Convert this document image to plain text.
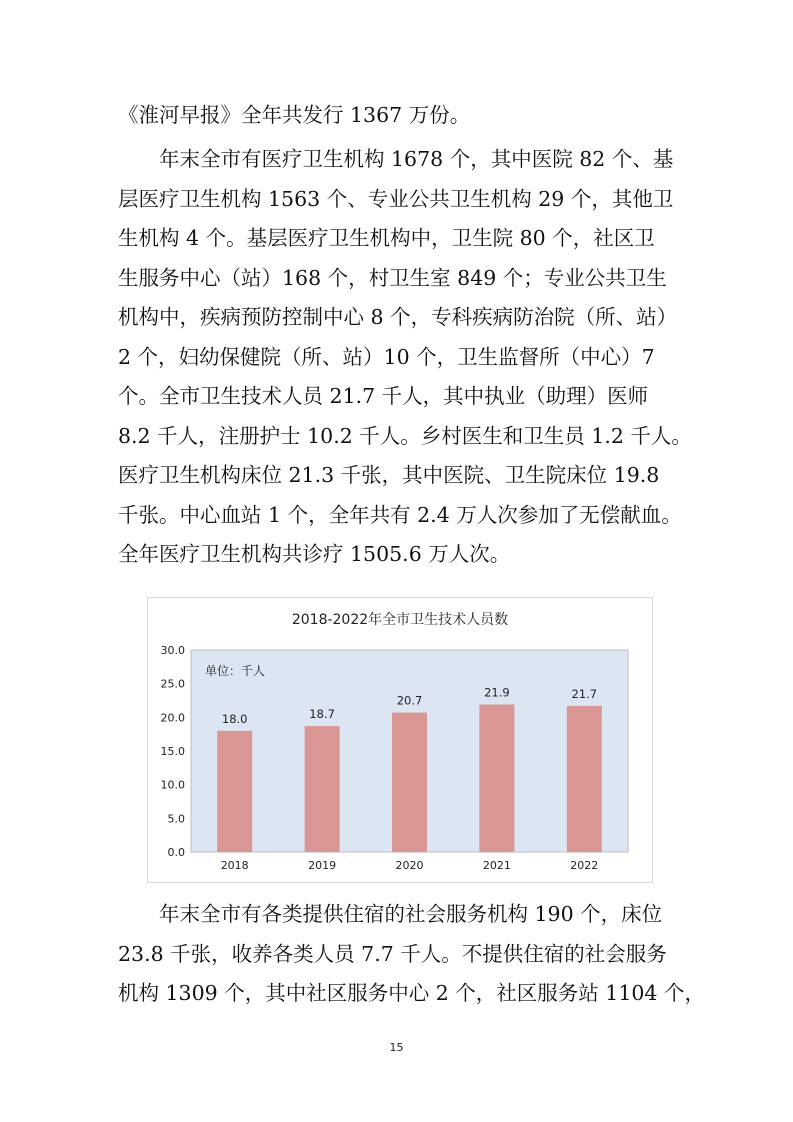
《淮河早报》全年共发行 1367 万份。
年末全市有医疗卫生机构 1678 个，其中医院 82 个、基
层医疗卫生机构 1563 个、专业公共卫生机构 29 个，其他卫
生机构 4 个。基层医疗卫生机构中，卫生院 80 个，社区卫
生服务中心（站）168 个，村卫生室 849 个；专业公共卫生
机构中，疾病预防控制中心 8 个，专科疾病防治院（所、站）
2 个，妇幼保健院（所、站）10 个，卫生监督所（中心）7
个。全市卫生技术人员 21.7 千人，其中执业（助理）医师
8.2 千人，注册护士 10.2 千人。乡村医生和卫生员 1.2 千人。
医疗卫生机构床位 21.3 千张，其中医院、卫生院床位 19.8
千张。中心血站 1 个，全年共有 2.4 万人次参加了无偿献血。
全年医疗卫生机构共诊疗 1505.6 万人次。
2018-2022年全市卫生技术人员数
单位：千人
18.0	18.7
20.7
21.9	21.7
0.0
5.0
10.0
15.0
20.0
25.0
30.0
2018	2019	2020	2021	2022
年末全市有各类提供住宿的社会服务机构 190 个，床位
23.8 千张，收养各类人员 7.7 千人。不提供住宿的社会服务
机构 1309 个，其中社区服务中心 2 个，社区服务站 1104 个，
15
